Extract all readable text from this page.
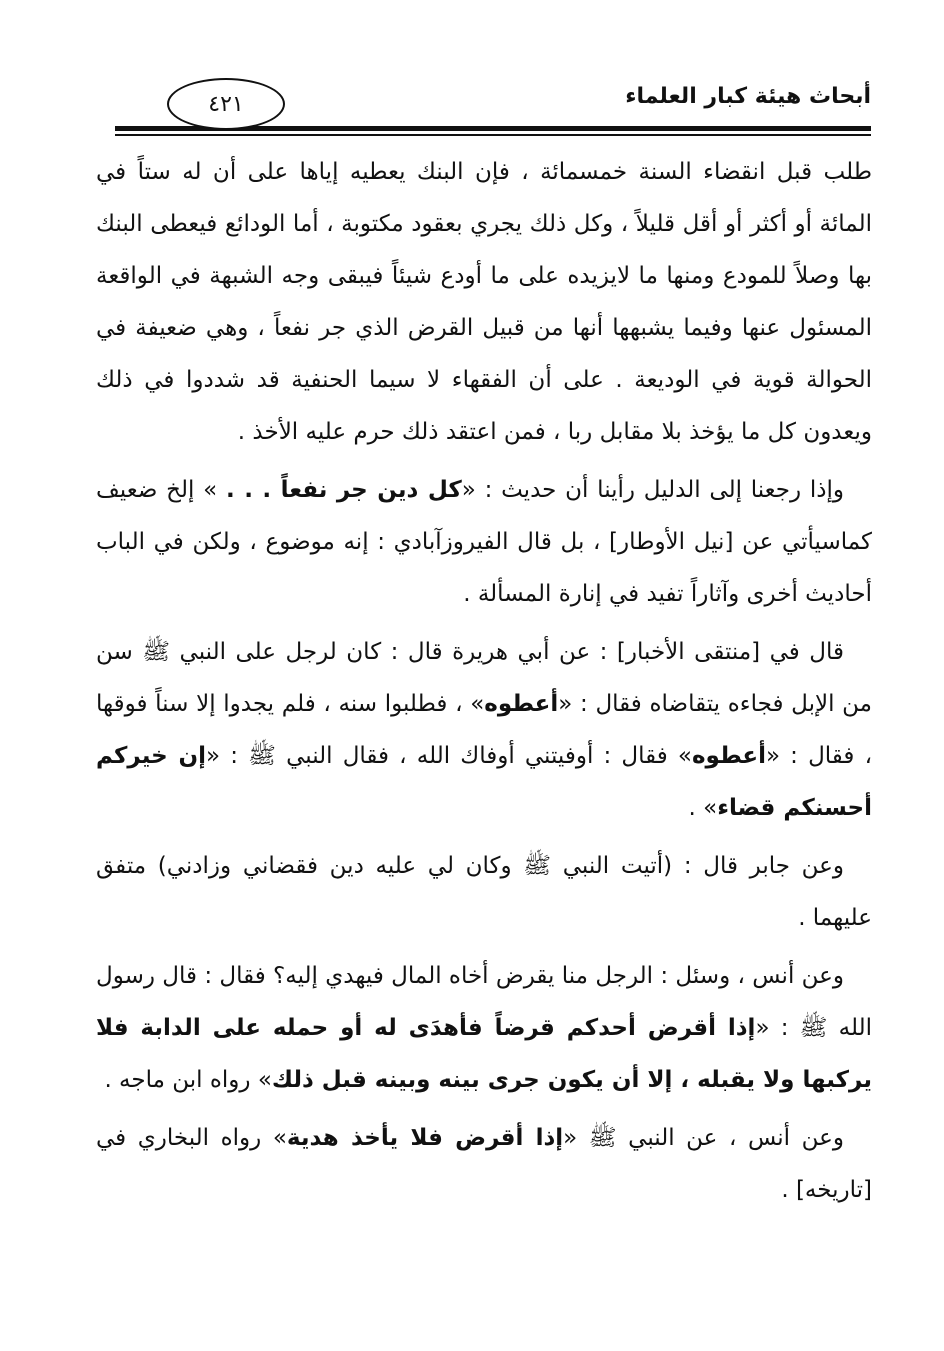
أبحاث هيئة كبار العلماء
٤٢١

طلب قبل انقضاء السنة خمسمائة ، فإن البنك يعطيه إياها على أن له ستاً في المائة أو أكثر أو أقل قليلاً ، وكل ذلك يجري بعقود مكتوبة ، أما الودائع فيعطى البنك بها وصلاً للمودع ومنها ما لايزيده على ما أودع شيئاً فيبقى وجه الشبهة في الواقعة المسئول عنها وفيما يشبهها أنها من قبيل القرض الذي جر نفعاً ، وهي ضعيفة في الحوالة قوية في الوديعة . على أن الفقهاء لا سيما الحنفية قد شددوا في ذلك ويعدون كل ما يؤخذ بلا مقابل ربا ، فمن اعتقد ذلك حرم عليه الأخذ .

وإذا رجعنا إلى الدليل رأينا أن حديث : «كل دين جر نفعاً . . . » إلخ ضعيف كماسيأتي عن [نيل الأوطار] ، بل قال الفيروزآبادي : إنه موضوع ، ولكن في الباب أحاديث أخرى وآثاراً تفيد في إنارة المسألة .

قال في [منتقى الأخبار] : عن أبي هريرة قال : كان لرجل على النبي ﷺ سن من الإبل فجاءه يتقاضاه فقال : «أعطوه» ، فطلبوا سنه ، فلم يجدوا إلا سناً فوقها ، فقال : «أعطوه» فقال : أوفيتني أوفاك الله ، فقال النبي ﷺ : «إن خيركم أحسنكم قضاء» .

وعن جابر قال : (أتيت النبي ﷺ وكان لي عليه دين فقضاني وزادني) متفق عليهما .

وعن أنس ، وسئل : الرجل منا يقرض أخاه المال فيهدي إليه؟ فقال : قال رسول الله ﷺ : «إذا أقرض أحدكم قرضاً فأهدَى له أو حمله على الدابة فلا يركبها ولا يقبله ، إلا أن يكون جرى بينه وبينه قبل ذلك» رواه ابن ماجه .

وعن أنس ، عن النبي ﷺ «إذا أقرض فلا يأخذ هدية» رواه البخاري في [تاريخه] .
